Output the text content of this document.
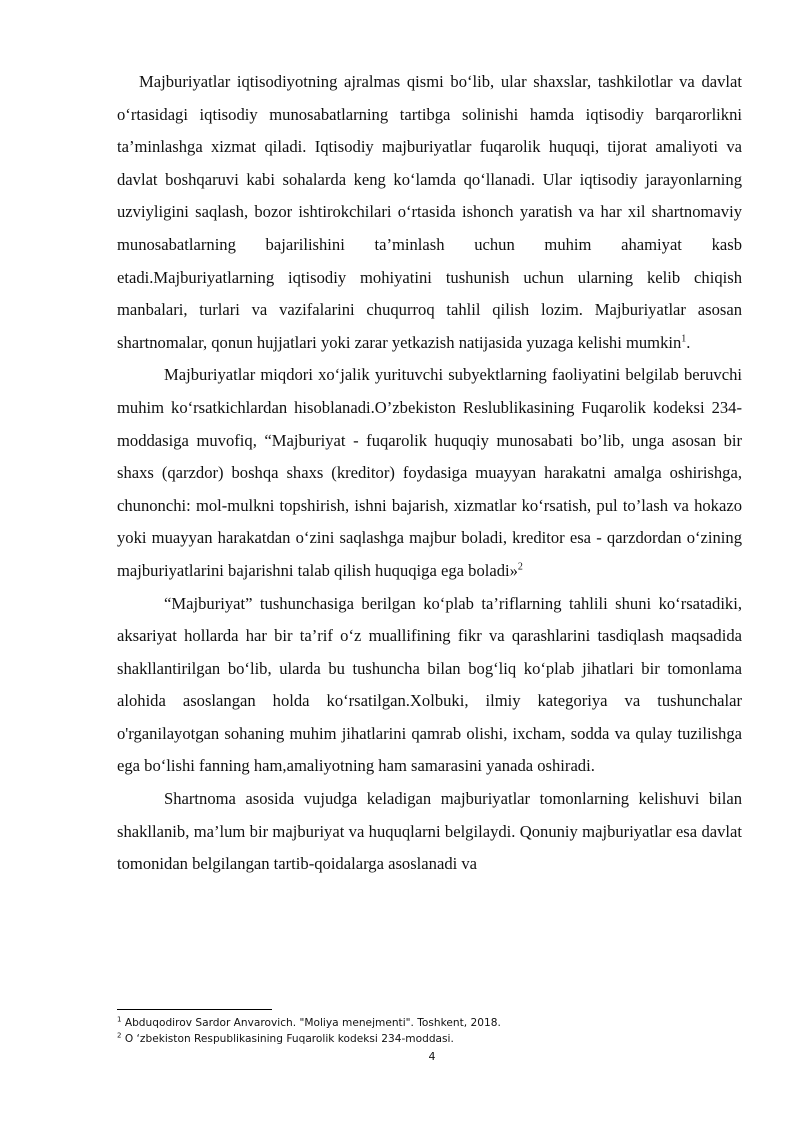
Majburiyatlar iqtisodiyotning ajralmas qismi bo‘lib, ular shaxslar, tashkilotlar va davlat o‘rtasidagi iqtisodiy munosabatlarning tartibga solinishi hamda iqtisodiy barqarorlikni ta’minlashga xizmat qiladi. Iqtisodiy majburiyatlar fuqarolik huquqi, tijorat amaliyoti va davlat boshqaruvi kabi sohalarda keng ko‘lamda qo‘llanadi. Ular iqtisodiy jarayonlarning uzviyligini saqlash, bozor ishtirokchilari o‘rtasida ishonch yaratish va har xil shartnomaviy munosabatlarning bajarilishini ta’minlash uchun muhim ahamiyat kasb etadi.Majburiyatlarning iqtisodiy mohiyatini tushunish uchun ularning kelib chiqish manbalari, turlari va vazifalarini chuqurroq tahlil qilish lozim. Majburiyatlar asosan shartnomalar, qonun hujjatlari yoki zarar yetkazish natijasida yuzaga kelishi mumkin$^1$.

Majburiyatlar miqdori xo‘jalik yurituvchi subyektlarning faoliyatini belgilab beruvchi muhim ko‘rsatkichlardan hisoblanadi.O’zbekiston Reslublikasining Fuqarolik kodeksi 234-moddasiga muvofiq, “Majburiyat - fuqarolik huquqiy munosabati bo’lib, unga asosan bir shaxs (qarzdor) boshqa shaxs (kreditor) foydasiga muayyan harakatni amalga oshirishga, chunonchi: mol-mulkni topshirish, ishni bajarish, xizmatlar ko‘rsatish, pul to’lash va hokazo yoki muayyan harakatdan o‘zini saqlashga majbur boladi, kreditor esa - qarzdordan o‘zining majburiyatlarini bajarishni talab qilish huquqiga ega boladi»$^2$

“Majburiyat” tushunchasiga berilgan ko‘plab ta’riflarning tahlili shuni ko‘rsatadiki, aksariyat hollarda har bir ta’rif o‘z muallifining fikr va qarashlarini tasdiqlash maqsadida shakllantirilgan bo‘lib, ularda bu tushuncha bilan bog‘liq ko‘plab jihatlari bir tomonlama alohida asoslangan holda ko‘rsatilgan.Xolbuki, ilmiy kategoriya va tushunchalar o'rganilayotgan sohaning muhim jihatlarini qamrab olishi, ixcham, sodda va qulay tuzilishga ega bo‘lishi fanning ham,amaliyotning ham samarasini yanada oshiradi.

Shartnoma asosida vujudga keladigan majburiyatlar tomonlarning kelishuvi bilan shakllanib, ma’lum bir majburiyat va huquqlarni belgilaydi. Qonuniy majburiyatlar esa davlat tomonidan belgilangan tartib-qoidalarga asoslanadi va

$^1$ Abduqodirov Sardor Anvarovich. "Moliya menejmenti". Toshkent, 2018.
$^2$ O ‘zbekiston Respublikasining Fuqarolik kodeksi 234-moddasi.
4
